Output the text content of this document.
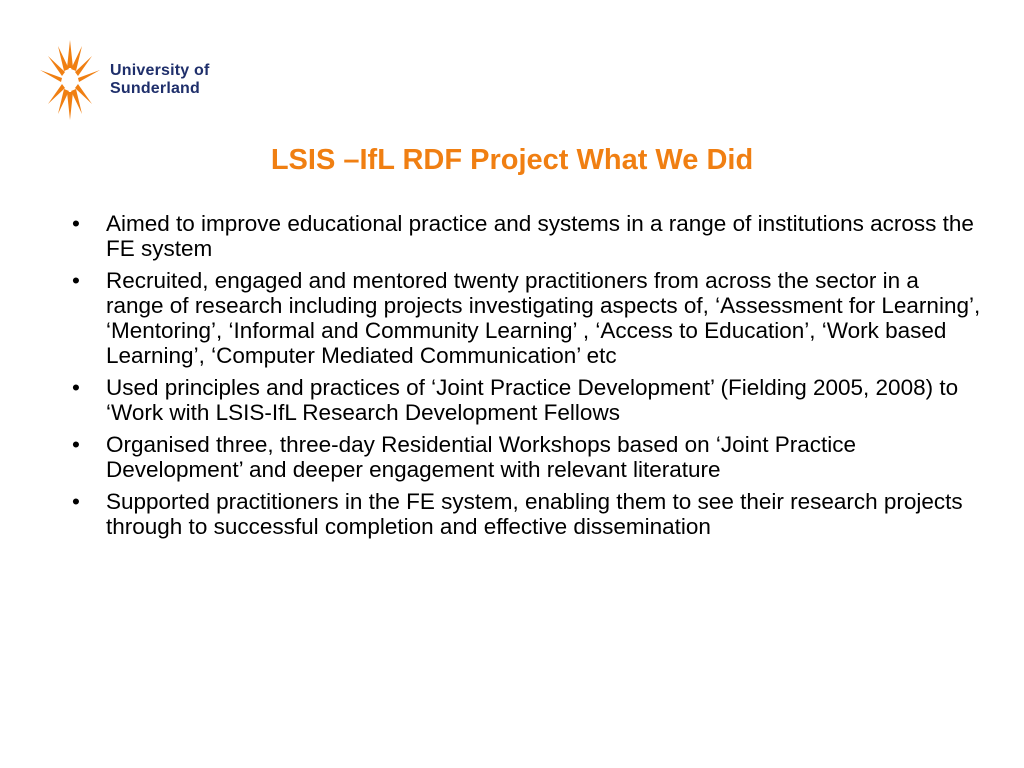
University of
Sunderland
LSIS –IfL RDF Project What We Did
• Aimed to improve educational practice and systems in a range of institutions across the FE system
• Recruited, engaged and mentored twenty practitioners from across the sector in a range of research including projects investigating aspects of, ‘Assessment for Learning’, ‘Mentoring’, ‘Informal and Community Learning’ , ‘Access to Education’, ‘Work based Learning’, ‘Computer Mediated Communication’ etc
• Used principles and practices of ‘Joint Practice Development’ (Fielding 2005, 2008) to ‘Work with LSIS-IfL Research Development Fellows
• Organised three, three-day Residential Workshops based on ‘Joint Practice Development’ and deeper engagement with relevant literature
• Supported practitioners in the FE system, enabling them to see their research projects through to successful completion and effective dissemination
